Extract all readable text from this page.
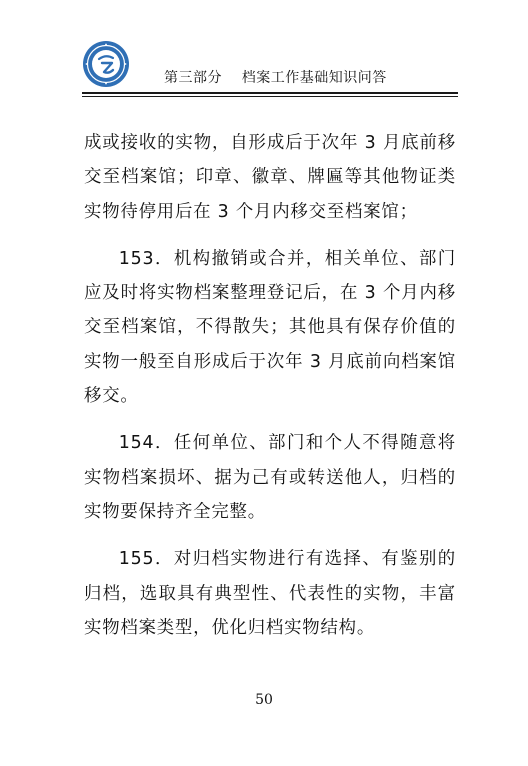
第三部分    档案工作基础知识问答

成或接收的实物，自形成后于次年 3 月底前移交至档案馆；印章、徽章、牌匾等其他物证类实物待停用后在 3 个月内移交至档案馆；

153．机构撤销或合并，相关单位、部门应及时将实物档案整理登记后，在 3 个月内移交至档案馆，不得散失；其他具有保存价值的实物一般至自形成后于次年 3 月底前向档案馆移交。

154．任何单位、部门和个人不得随意将实物档案损坏、据为己有或转送他人，归档的实物要保持齐全完整。

155．对归档实物进行有选择、有鉴别的归档，选取具有典型性、代表性的实物，丰富实物档案类型，优化归档实物结构。

50
